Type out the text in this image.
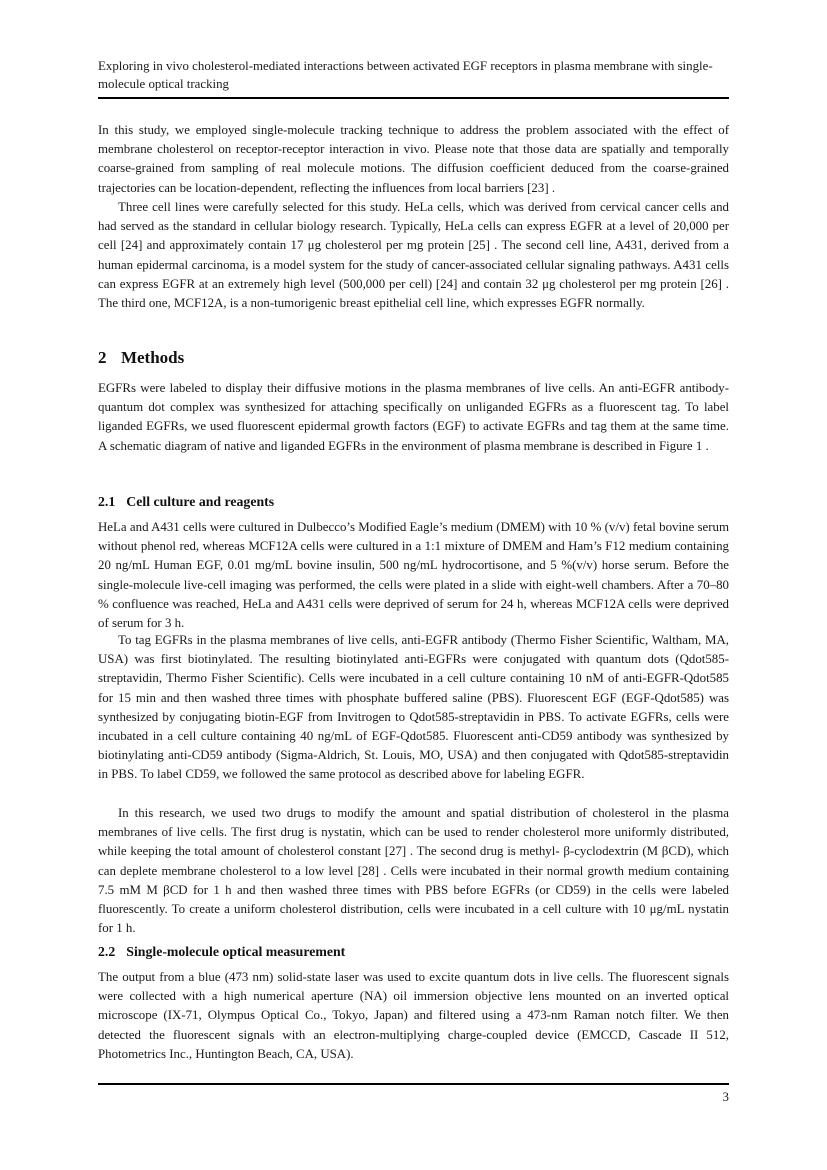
Exploring in vivo cholesterol-mediated interactions between activated EGF receptors in plasma membrane with single-molecule optical tracking
In this study, we employed single-molecule tracking technique to address the problem associated with the effect of membrane cholesterol on receptor-receptor interaction in vivo. Please note that those data are spatially and temporally coarse-grained from sampling of real molecule motions. The diffusion coefficient deduced from the coarse-grained trajectories can be location-dependent, reflecting the influences from local barriers [23] .
Three cell lines were carefully selected for this study. HeLa cells, which was derived from cervical cancer cells and had served as the standard in cellular biology research. Typically, HeLa cells can express EGFR at a level of 20,000 per cell [24] and approximately contain 17 μg cholesterol per mg protein [25] . The second cell line, A431, derived from a human epidermal carcinoma, is a model system for the study of cancer-associated cellular signaling pathways. A431 cells can express EGFR at an extremely high level (500,000 per cell) [24] and contain 32 μg cholesterol per mg protein [26] . The third one, MCF12A, is a non-tumorigenic breast epithelial cell line, which expresses EGFR normally.
2 Methods
EGFRs were labeled to display their diffusive motions in the plasma membranes of live cells. An anti-EGFR antibody-quantum dot complex was synthesized for attaching specifically on unliganded EGFRs as a fluorescent tag. To label liganded EGFRs, we used fluorescent epidermal growth factors (EGF) to activate EGFRs and tag them at the same time. A schematic diagram of native and liganded EGFRs in the environment of plasma membrane is described in Figure 1 .
2.1 Cell culture and reagents
HeLa and A431 cells were cultured in Dulbecco’s Modified Eagle’s medium (DMEM) with 10 % (v/v) fetal bovine serum without phenol red, whereas MCF12A cells were cultured in a 1:1 mixture of DMEM and Ham’s F12 medium containing 20 ng/mL Human EGF, 0.01 mg/mL bovine insulin, 500 ng/mL hydrocortisone, and 5 %(v/v) horse serum. Before the single-molecule live-cell imaging was performed, the cells were plated in a slide with eight-well chambers. After a 70–80 % confluence was reached, HeLa and A431 cells were deprived of serum for 24 h, whereas MCF12A cells were deprived of serum for 3 h.
To tag EGFRs in the plasma membranes of live cells, anti-EGFR antibody (Thermo Fisher Scientific, Waltham, MA, USA) was first biotinylated. The resulting biotinylated anti-EGFRs were conjugated with quantum dots (Qdot585-streptavidin, Thermo Fisher Scientific). Cells were incubated in a cell culture containing 10 nM of anti-EGFR-Qdot585 for 15 min and then washed three times with phosphate buffered saline (PBS). Fluorescent EGF (EGF-Qdot585) was synthesized by conjugating biotin-EGF from Invitrogen to Qdot585-streptavidin in PBS. To activate EGFRs, cells were incubated in a cell culture containing 40 ng/mL of EGF-Qdot585. Fluorescent anti-CD59 antibody was synthesized by biotinylating anti-CD59 antibody (Sigma-Aldrich, St. Louis, MO, USA) and then conjugated with Qdot585-streptavidin in PBS. To label CD59, we followed the same protocol as described above for labeling EGFR.
In this research, we used two drugs to modify the amount and spatial distribution of cholesterol in the plasma membranes of live cells. The first drug is nystatin, which can be used to render cholesterol more uniformly distributed, while keeping the total amount of cholesterol constant [27] . The second drug is methyl- β-cyclodextrin (M βCD), which can deplete membrane cholesterol to a low level [28] . Cells were incubated in their normal growth medium containing 7.5 mM M βCD for 1 h and then washed three times with PBS before EGFRs (or CD59) in the cells were labeled fluorescently. To create a uniform cholesterol distribution, cells were incubated in a cell culture with 10 μg/mL nystatin for 1 h.
2.2 Single-molecule optical measurement
The output from a blue (473 nm) solid-state laser was used to excite quantum dots in live cells. The fluorescent signals were collected with a high numerical aperture (NA) oil immersion objective lens mounted on an inverted optical microscope (IX-71, Olympus Optical Co., Tokyo, Japan) and filtered using a 473-nm Raman notch filter. We then detected the fluorescent signals with an electron-multiplying charge-coupled device (EMCCD, Cascade II 512, Photometrics Inc., Huntington Beach, CA, USA).
3
